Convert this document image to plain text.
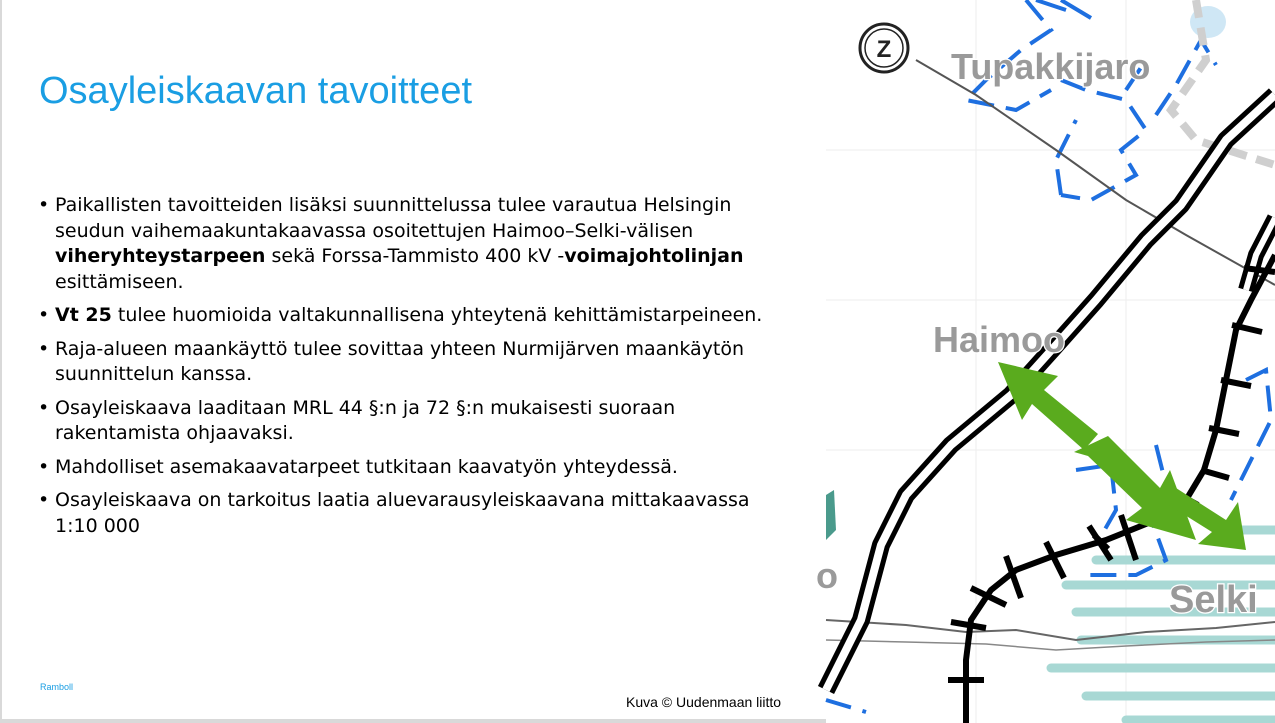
Osayleiskaavan tavoitteet
• Paikallisten tavoitteiden lisäksi suunnittelussa tulee varautua Helsingin seudun vaihemaakuntakaavassa osoitettujen Haimoo–Selki-välisen viheryhteystarpeen sekä Forssa-Tammisto 400 kV -voimajohtolinjan esittämiseen.
• Vt 25 tulee huomioida valtakunnallisena yhteytenä kehittämistarpeineen.
• Raja-alueen maankäyttö tulee sovittaa yhteen Nurmijärven maankäytön suunnittelun kanssa.
• Osayleiskaava laaditaan MRL 44 §:n ja 72 §:n mukaisesti suoraan rakentamista ohjaavaksi.
• Mahdolliset asemakaavatarpeet tutkitaan kaavatyön yhteydessä.
• Osayleiskaava on tarkoitus laatia aluevarausyleiskaavana mittakaavassa 1:10 000
Ramboll
Kuva © Uudenmaan liitto
Tupakkijaro
Haimoo
Selki
o
Z
